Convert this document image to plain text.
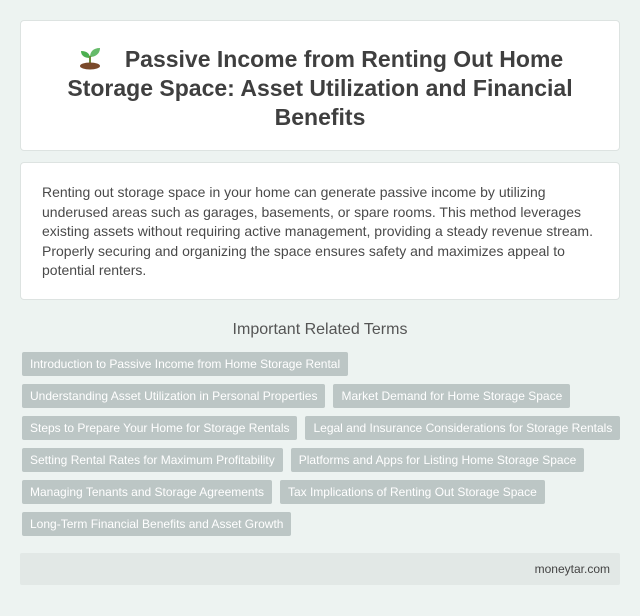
Passive Income from Renting Out Home Storage Space: Asset Utilization and Financial Benefits

Renting out storage space in your home can generate passive income by utilizing underused areas such as garages, basements, or spare rooms. This method leverages existing assets without requiring active management, providing a steady revenue stream. Properly securing and organizing the space ensures safety and maximizes appeal to potential renters.

Important Related Terms
Introduction to Passive Income from Home Storage Rental
Understanding Asset Utilization in Personal Properties	Market Demand for Home Storage Space
Steps to Prepare Your Home for Storage Rentals	Legal and Insurance Considerations for Storage Rentals
Setting Rental Rates for Maximum Profitability	Platforms and Apps for Listing Home Storage Space
Managing Tenants and Storage Agreements	Tax Implications of Renting Out Storage Space
Long-Term Financial Benefits and Asset Growth
moneytar.com
